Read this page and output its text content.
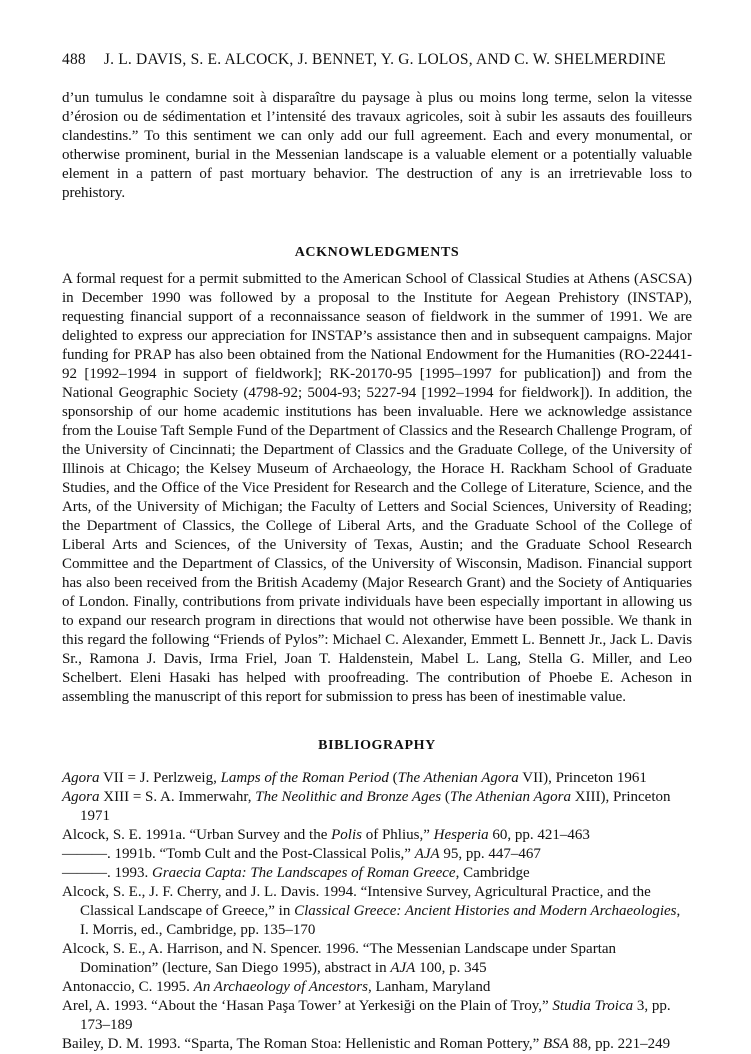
488 J. L. DAVIS, S. E. ALCOCK, J. BENNET, Y. G. LOLOS, AND C. W. SHELMERDINE

d’un tumulus le condamne soit à disparaître du paysage à plus ou moins long terme, selon la vitesse d’érosion ou de sédimentation et l’intensité des travaux agricoles, soit à subir les assauts des fouilleurs clandestins.” To this sentiment we can only add our full agreement. Each and every monumental, or otherwise prominent, burial in the Messenian landscape is a valuable element or a potentially valuable element in a pattern of past mortuary behavior. The destruction of any is an irretrievable loss to prehistory.

ACKNOWLEDGMENTS

A formal request for a permit submitted to the American School of Classical Studies at Athens (ASCSA) in December 1990 was followed by a proposal to the Institute for Aegean Prehistory (INSTAP), requesting financial support of a reconnaissance season of fieldwork in the summer of 1991. We are delighted to express our appreciation for INSTAP’s assistance then and in subsequent campaigns. Major funding for PRAP has also been obtained from the National Endowment for the Humanities (RO-22441-92 [1992–1994 in support of fieldwork]; RK-20170-95 [1995–1997 for publication]) and from the National Geographic Society (4798-92; 5004-93; 5227-94 [1992–1994 for fieldwork]). In addition, the sponsorship of our home academic institutions has been invaluable. Here we acknowledge assistance from the Louise Taft Semple Fund of the Department of Classics and the Research Challenge Program, of the University of Cincinnati; the Department of Classics and the Graduate College, of the University of Illinois at Chicago; the Kelsey Museum of Archaeology, the Horace H. Rackham School of Graduate Studies, and the Office of the Vice President for Research and the College of Literature, Science, and the Arts, of the University of Michigan; the Faculty of Letters and Social Sciences, University of Reading; the Department of Classics, the College of Liberal Arts, and the Graduate School of the College of Liberal Arts and Sciences, of the University of Texas, Austin; and the Graduate School Research Committee and the Department of Classics, of the University of Wisconsin, Madison. Financial support has also been received from the British Academy (Major Research Grant) and the Society of Antiquaries of London. Finally, contributions from private individuals have been especially important in allowing us to expand our research program in directions that would not otherwise have been possible. We thank in this regard the following “Friends of Pylos”: Michael C. Alexander, Emmett L. Bennett Jr., Jack L. Davis Sr., Ramona J. Davis, Irma Friel, Joan T. Haldenstein, Mabel L. Lang, Stella G. Miller, and Leo Schelbert. Eleni Hasaki has helped with proofreading. The contribution of Phoebe E. Acheson in assembling the manuscript of this report for submission to press has been of inestimable value.

BIBLIOGRAPHY
Agora VII = J. Perlzweig, Lamps of the Roman Period (The Athenian Agora VII), Princeton 1961
Agora XIII = S. A. Immerwahr, The Neolithic and Bronze Ages (The Athenian Agora XIII), Princeton 1971
Alcock, S. E. 1991a. “Urban Survey and the Polis of Phlius,” Hesperia 60, pp. 421–463
———. 1991b. “Tomb Cult and the Post-Classical Polis,” AJA 95, pp. 447–467
———. 1993. Graecia Capta: The Landscapes of Roman Greece, Cambridge
Alcock, S. E., J. F. Cherry, and J. L. Davis. 1994. “Intensive Survey, Agricultural Practice, and the Classical Landscape of Greece,” in Classical Greece: Ancient Histories and Modern Archaeologies, I. Morris, ed., Cambridge, pp. 135–170
Alcock, S. E., A. Harrison, and N. Spencer. 1996. “The Messenian Landscape under Spartan Domination” (lecture, San Diego 1995), abstract in AJA 100, p. 345
Antonaccio, C. 1995. An Archaeology of Ancestors, Lanham, Maryland
Arel, A. 1993. “About the ‘Hasan Paşa Tower’ at Yerkesiği on the Plain of Troy,” Studia Troica 3, pp. 173–189
Bailey, D. M. 1993. “Sparta, The Roman Stoa: Hellenistic and Roman Pottery,” BSA 88, pp. 221–249
